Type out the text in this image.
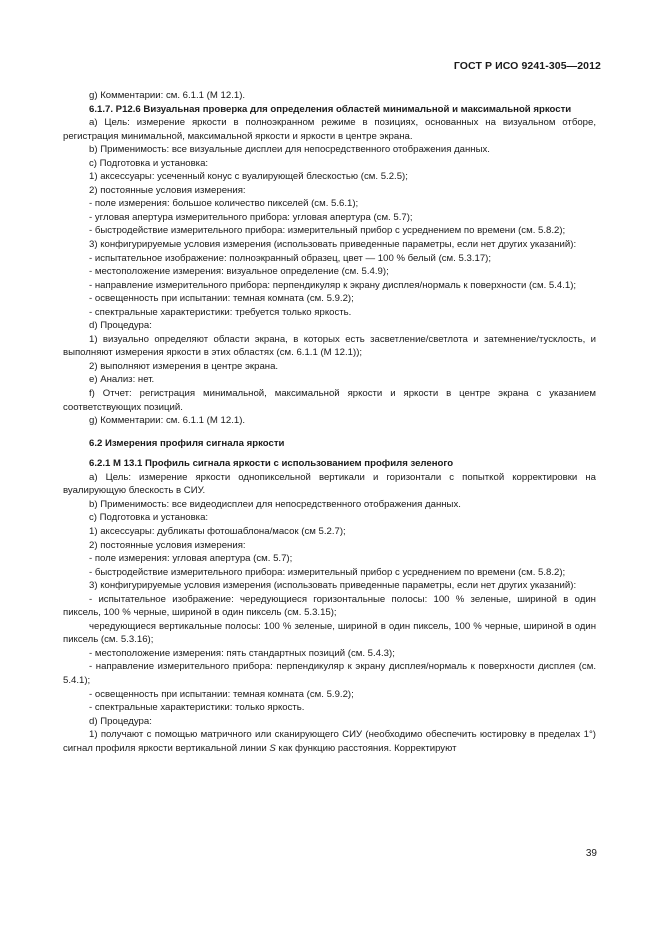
ГОСТ Р ИСО 9241-305—2012

g) Комментарии: см. 6.1.1 (М 12.1).

6.1.7. Р12.6 Визуальная проверка для определения областей минимальной и максимальной яркости

a) Цель: измерение яркости в полноэкранном режиме в позициях, основанных на визуальном отборе, регистрация минимальной, максимальной яркости и яркости в центре экрана.

b) Применимость: все визуальные дисплеи для непосредственного отображения данных.

c) Подготовка и установка:

1) аксессуары: усеченный конус с вуалирующей блескостью (см. 5.2.5);

2) постоянные условия измерения:

- поле измерения: большое количество пикселей (см. 5.6.1);

- угловая апертура измерительного прибора: угловая апертура (см. 5.7);

- быстродействие измерительного прибора: измерительный прибор с усреднением по времени (см. 5.8.2);

3) конфигурируемые условия измерения (использовать приведенные параметры, если нет других указаний):

- испытательное изображение: полноэкранный образец, цвет — 100 % белый (см. 5.3.17);

- местоположение измерения: визуальное определение (см. 5.4.9);

- направление измерительного прибора: перпендикуляр к экрану дисплея/нормаль к поверхности (см. 5.4.1);

- освещенность при испытании: темная комната (см. 5.9.2);

- спектральные характеристики: требуется только яркость.

d) Процедура:

1) визуально определяют области экрана, в которых есть засветление/светлота и затемнение/тусклость, и выполняют измерения яркости в этих областях (см. 6.1.1 (М 12.1));

2) выполняют измерения в центре экрана.

e) Анализ: нет.

f) Отчет: регистрация минимальной, максимальной яркости и яркости в центре экрана с указанием соответствующих позиций.

g) Комментарии: см. 6.1.1 (М 12.1).

6.2 Измерения профиля сигнала яркости

6.2.1 М 13.1 Профиль сигнала яркости с использованием профиля зеленого

a) Цель: измерение яркости однопиксельной вертикали и горизонтали с попыткой корректировки на вуалирующую блескость в СИУ.

b) Применимость: все видеодисплеи для непосредственного отображения данных.

c) Подготовка и установка:

1) аксессуары: дубликаты фотошаблона/масок (см 5.2.7);

2) постоянные условия измерения:

- поле измерения: угловая апертура (см. 5.7);

- быстродействие измерительного прибора: измерительный прибор с усреднением по времени (см. 5.8.2);

3) конфигурируемые условия измерения (использовать приведенные параметры, если нет других указаний):

- испытательное изображение: чередующиеся горизонтальные полосы: 100 % зеленые, шириной в один пиксель, 100 % черные, шириной в один пиксель (см. 5.3.15);

чередующиеся вертикальные полосы: 100 % зеленые, шириной в один пиксель, 100 % черные, шириной в один пиксель (см. 5.3.16);

- местоположение измерения: пять стандартных позиций (см. 5.4.3);

- направление измерительного прибора: перпендикуляр к экрану дисплея/нормаль к поверхности дисплея (см. 5.4.1);

- освещенность при испытании: темная комната (см. 5.9.2);

- спектральные характеристики: только яркость.

d) Процедура:

1) получают с помощью матричного или сканирующего СИУ (необходимо обеспечить юстировку в пределах 1°) сигнал профиля яркости вертикальной линии S как функцию расстояния. Корректируют

39
